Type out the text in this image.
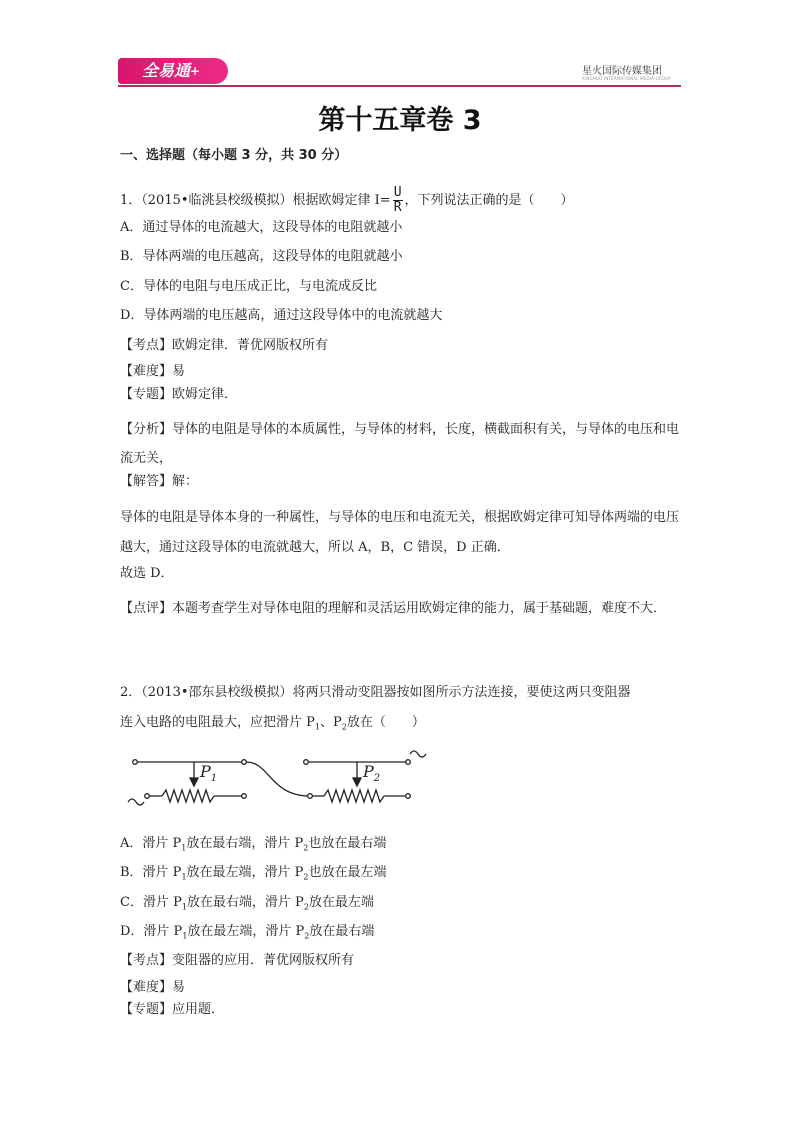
全易通+	星火国际传媒集团
XINGHUO INTERNATIONAL MEDIA GROUP
第十五章卷 3
一、选择题（每小题 3 分，共 30 分）
1．（2015•临洮县校级模拟）根据欧姆定律 $I= \frac{U}{R}$ ，下列说法正确的是（　　）
A．通过导体的电流越大，这段导体的电阻就越小
B．导体两端的电压越高，这段导体的电阻就越小
C．导体的电阻与电压成正比，与电流成反比
D．导体两端的电压越高，通过这段导体中的电流就越大
【考点】欧姆定律．菁优网版权所有
【难度】易
【专题】欧姆定律．
【分析】导体的电阻是导体的本质属性，与导体的材料，长度，横截面积有关，与导体的电压和电流无关，
【解答】解：
导体的电阻是导体本身的一种属性，与导体的电压和电流无关，根据欧姆定律可知导体两端的电压越大，通过这段导体的电流就越大，所以 A，B，C 错误，D 正确．
故选 D．
【点评】本题考查学生对导体电阻的理解和灵活运用欧姆定律的能力，属于基础题，难度不大．
2．（2013•邵东县校级模拟）将两只滑动变阻器按如图所示方法连接，要使这两只变阻器
连入电路的电阻最大，应把滑片 $P_1$、$P_2$放在（　　）
$P_1$	$P_2$
A．滑片 $P_1$放在最右端，滑片 $P_2$也放在最右端
B．滑片 $P_1$放在最左端，滑片 $P_2$也放在最左端
C．滑片 $P_1$放在最右端，滑片 $P_2$放在最左端
D．滑片 $P_1$放在最左端，滑片 $P_2$放在最右端
【考点】变阻器的应用．菁优网版权所有
【难度】易
【专题】应用题．
